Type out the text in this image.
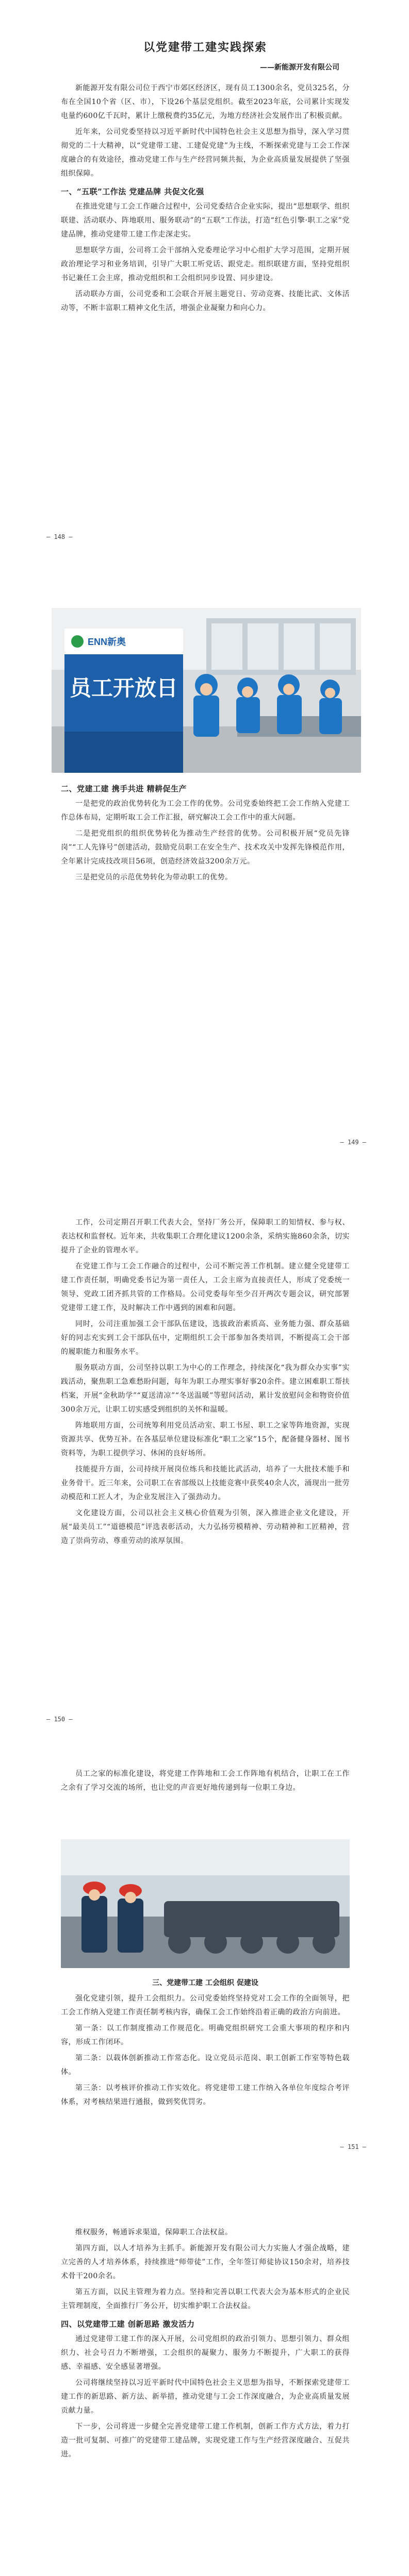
以党建带工建实践探索
——新能源开发有限公司

新能源开发有限公司位于西宁市郊区经济区，现有员工1300余名，党员325名，分布在全国10个省（区、市），下设26个基层党组织。截至2023年底，公司累计实现发电量约600亿千瓦时，累计上缴税费约35亿元，为地方经济社会发展作出了积极贡献。

近年来，公司党委坚持以习近平新时代中国特色社会主义思想为指导，深入学习贯彻党的二十大精神，以“党建带工建、工建促党建”为主线，不断探索党建与工会工作深度融合的有效途径，推动党建工作与生产经营同频共振，为企业高质量发展提供了坚强组织保障。

一、“五联”工作法 党建品牌 共促文化强

在推进党建与工会工作融合过程中，公司党委结合企业实际，提出“思想联学、组织联建、活动联办、阵地联用、服务联动”的“五联”工作法，打造“红色引擎·职工之家”党建品牌，推动党建带工建工作走深走实。

思想联学方面，公司将工会干部纳入党委理论学习中心组扩大学习范围，定期开展政治理论学习和业务培训，引导广大职工听党话、跟党走。组织联建方面，坚持党组织书记兼任工会主席，推动党组织和工会组织同步设置、同步建设。

活动联办方面，公司党委和工会联合开展主题党日、劳动竞赛、技能比武、文体活动等，不断丰富职工精神文化生活，增强企业凝聚力和向心力。

— 148 —
ENN新奥
员工开放日
二、党建工建 携手共进 精耕促生产

一是把党的政治优势转化为工会工作的优势。公司党委始终把工会工作纳入党建工作总体布局，定期听取工会工作汇报，研究解决工会工作中的重大问题。

二是把党组织的组织优势转化为推动生产经营的优势。公司积极开展“党员先锋岗”“工人先锋号”创建活动，鼓励党员职工在安全生产、技术攻关中发挥先锋模范作用，全年累计完成技改项目56项，创造经济效益3200余万元。

三是把党员的示范优势转化为带动职工的优势。

— 149 —

工作，公司定期召开职工代表大会，坚持厂务公开，保障职工的知情权、参与权、表达权和监督权。近年来，共收集职工合理化建议1200余条，采纳实施860余条，切实提升了企业的管理水平。

在党建工作与工会工作融合的过程中，公司不断完善工作机制。建立健全党建带工建工作责任制，明确党委书记为第一责任人，工会主席为直接责任人，形成了党委统一领导、党政工团齐抓共管的工作格局。公司党委每年至少召开两次专题会议，研究部署党建带工建工作，及时解决工作中遇到的困难和问题。

同时，公司注重加强工会干部队伍建设，选拔政治素质高、业务能力强、群众基础好的同志充实到工会干部队伍中，定期组织工会干部参加各类培训，不断提高工会干部的履职能力和服务水平。

服务联动方面，公司坚持以职工为中心的工作理念，持续深化“我为群众办实事”实践活动，聚焦职工急难愁盼问题，每年为职工办理实事好事20余件。建立困难职工帮扶档案，开展“金秋助学”“夏送清凉”“冬送温暖”等慰问活动，累计发放慰问金和物资价值300余万元，让职工切实感受到组织的关怀和温暖。

阵地联用方面，公司统筹利用党员活动室、职工书屋、职工之家等阵地资源，实现资源共享、优势互补。在各基层单位建设标准化“职工之家”15个，配备健身器材、图书资料等，为职工提供学习、休闲的良好场所。

技能提升方面，公司持续开展岗位练兵和技能比武活动，培养了一大批技术能手和业务骨干。近三年来，公司职工在省部级以上技能竞赛中获奖40余人次，涌现出一批劳动模范和工匠人才，为企业发展注入了强劲动力。

文化建设方面，公司以社会主义核心价值观为引领，深入推进企业文化建设，开展“最美员工”“道德模范”评选表彰活动，大力弘扬劳模精神、劳动精神和工匠精神，营造了崇尚劳动、尊重劳动的浓厚氛围。

— 150 —

员工之家的标准化建设，将党建工作阵地和工会工作阵地有机结合，让职工在工作之余有了学习交流的场所，也让党的声音更好地传递到每一位职工身边。

三、党建带工建 工会组织 促建设

强化党建引领，提升工会组织力。公司党委始终坚持党对工会工作的全面领导，把工会工作纳入党建工作责任制考核内容，确保工会工作始终沿着正确的政治方向前进。

第一条：以工作制度推动工作规范化。明确党组织研究工会重大事项的程序和内容，形成工作闭环。

第二条：以载体创新推动工作常态化。设立党员示范岗、职工创新工作室等特色载体。

第三条：以考核评价推动工作实效化。将党建带工建工作纳入各单位年度综合考评体系，对考核结果进行通报，做到奖优罚劣。

— 151 —

维权服务，畅通诉求渠道，保障职工合法权益。

第四方面，以人才培养为主抓手。新能源开发有限公司大力实施人才强企战略，建立完善的人才培养体系，持续推进“师带徒”工作，全年签订师徒协议150余对，培养技术骨干200余名。

第五方面，以民主管理为着力点。坚持和完善以职工代表大会为基本形式的企业民主管理制度，全面推行厂务公开，切实维护职工合法权益。

四、以党建带工建 创新思路 激发活力

通过党建带工建工作的深入开展，公司党组织的政治引领力、思想引领力、群众组织力、社会号召力不断增强，工会组织的凝聚力、服务力不断提升，广大职工的获得感、幸福感、安全感显著增强。

公司将继续坚持以习近平新时代中国特色社会主义思想为指导，不断探索党建带工建工作的新思路、新方法、新举措，推动党建与工会工作深度融合，为企业高质量发展贡献力量。

下一步，公司将进一步健全完善党建带工建工作机制，创新工作方式方法，着力打造一批可复制、可推广的党建带工建品牌，实现党建工作与生产经营深度融合、互促共进。
